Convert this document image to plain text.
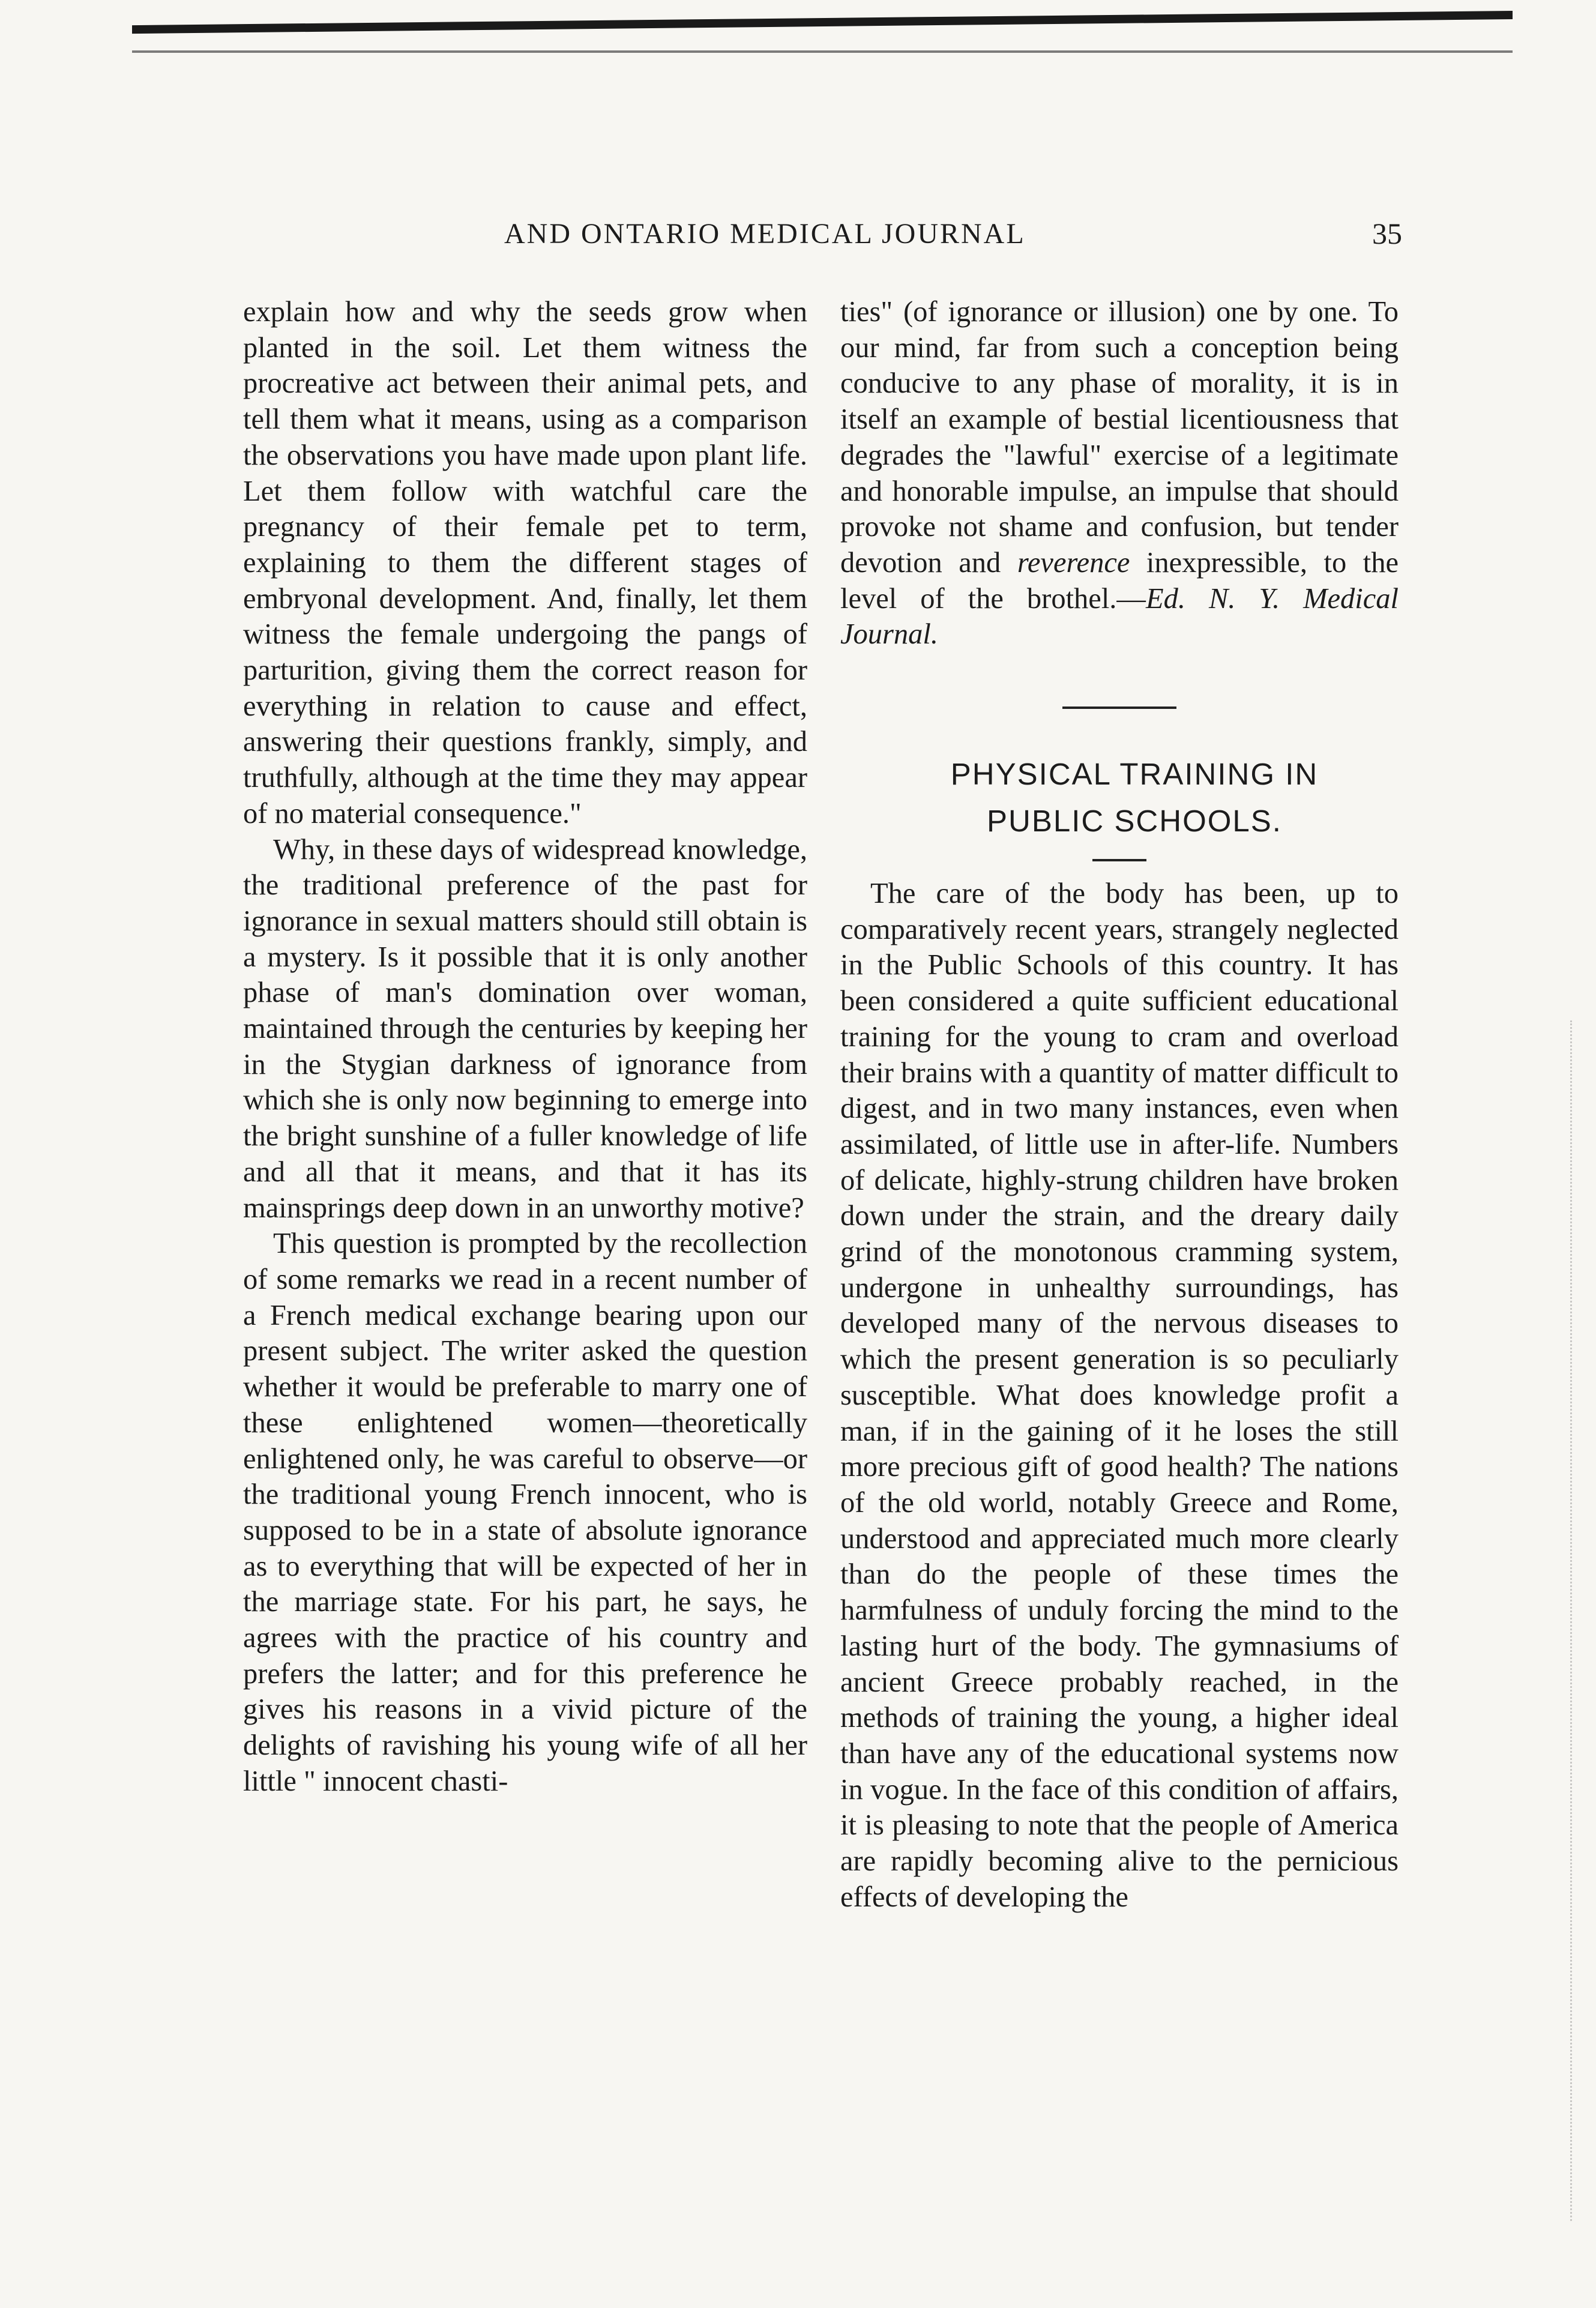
AND ONTARIO MEDICAL JOURNAL	35

explain how and why the seeds grow when planted in the soil. Let them witness the procreative act between their animal pets, and tell them what it means, using as a comparison the observations you have made upon plant life. Let them follow with watchful care the pregnancy of their female pet to term, explaining to them the different stages of embryonal development. And, finally, let them witness the female undergoing the pangs of parturition, giving them the correct reason for everything in relation to cause and effect, answering their questions frankly, simply, and truthfully, although at the time they may appear of no material consequence."

Why, in these days of widespread knowledge, the traditional preference of the past for ignorance in sexual matters should still obtain is a mystery. Is it possible that it is only another phase of man's domination over woman, maintained through the centuries by keeping her in the Stygian darkness of ignorance from which she is only now beginning to emerge into the bright sunshine of a fuller knowledge of life and all that it means, and that it has its mainsprings deep down in an unworthy motive?

This question is prompted by the recollection of some remarks we read in a recent number of a French medical exchange bearing upon our present subject. The writer asked the question whether it would be preferable to marry one of these enlightened women—theoretically enlightened only, he was careful to observe—or the traditional young French innocent, who is supposed to be in a state of absolute ignorance as to everything that will be expected of her in the marriage state. For his part, he says, he agrees with the practice of his country and prefers the latter; and for this preference he gives his reasons in a vivid picture of the delights of ravishing his young wife of all her little " innocent chasti-

ties" (of ignorance or illusion) one by one. To our mind, far from such a conception being conducive to any phase of morality, it is in itself an example of bestial licentiousness that degrades the "lawful" exercise of a legitimate and honorable impulse, an impulse that should provoke not shame and confusion, but tender devotion and reverence inexpressible, to the level of the brothel.—Ed. N. Y. Medical Journal.

PHYSICAL TRAINING IN

PUBLIC SCHOOLS.

The care of the body has been, up to comparatively recent years, strangely neglected in the Public Schools of this country. It has been considered a quite sufficient educational training for the young to cram and overload their brains with a quantity of matter difficult to digest, and in two many instances, even when assimilated, of little use in after-life. Numbers of delicate, highly-strung children have broken down under the strain, and the dreary daily grind of the monotonous cramming system, undergone in unhealthy surroundings, has developed many of the nervous diseases to which the present generation is so peculiarly susceptible. What does knowledge profit a man, if in the gaining of it he loses the still more precious gift of good health? The nations of the old world, notably Greece and Rome, understood and appreciated much more clearly than do the people of these times the harmfulness of unduly forcing the mind to the lasting hurt of the body. The gymnasiums of ancient Greece probably reached, in the methods of training the young, a higher ideal than have any of the educational systems now in vogue. In the face of this condition of affairs, it is pleasing to note that the people of America are rapidly becoming alive to the pernicious effects of developing the
